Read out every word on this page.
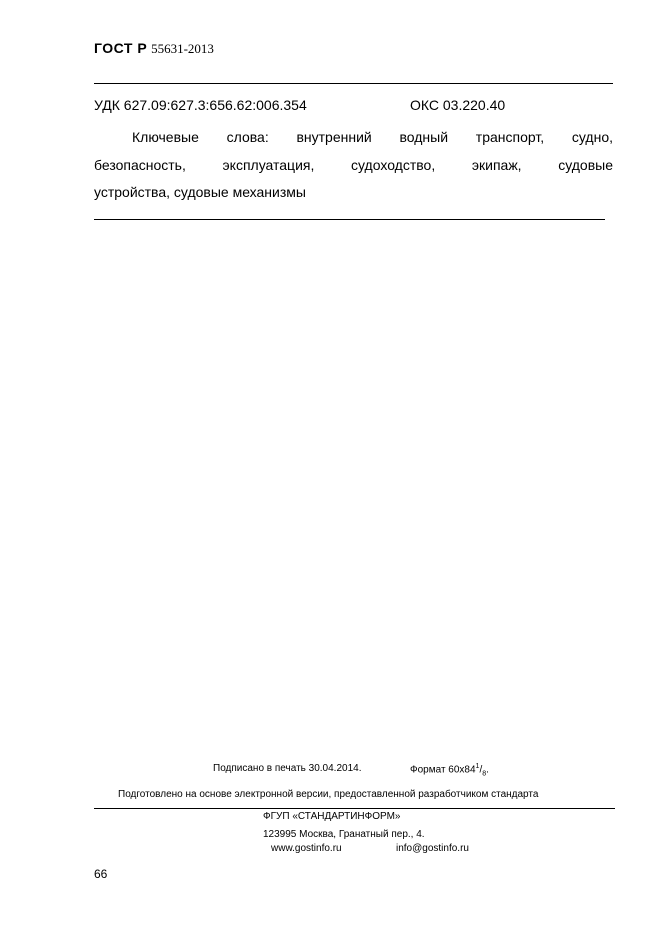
ГОСТ Р 55631-2013
УДК 627.09:627.3:656.62:006.354	ОКС 03.220.40
Ключевые слова: внутренний водный транспорт, судно,
безопасность, эксплуатация, судоходство, экипаж, судовые
устройства, судовые механизмы
Подписано в печать 30.04.2014.	Формат $60х84^1/_8$.
Подготовлено на основе электронной версии, предоставленной разработчиком стандарта
ФГУП «СТАНДАРТИНФОРМ»
123995 Москва, Гранатный пер., 4.
www.gostinfo.ru	info@gostinfo.ru
66
